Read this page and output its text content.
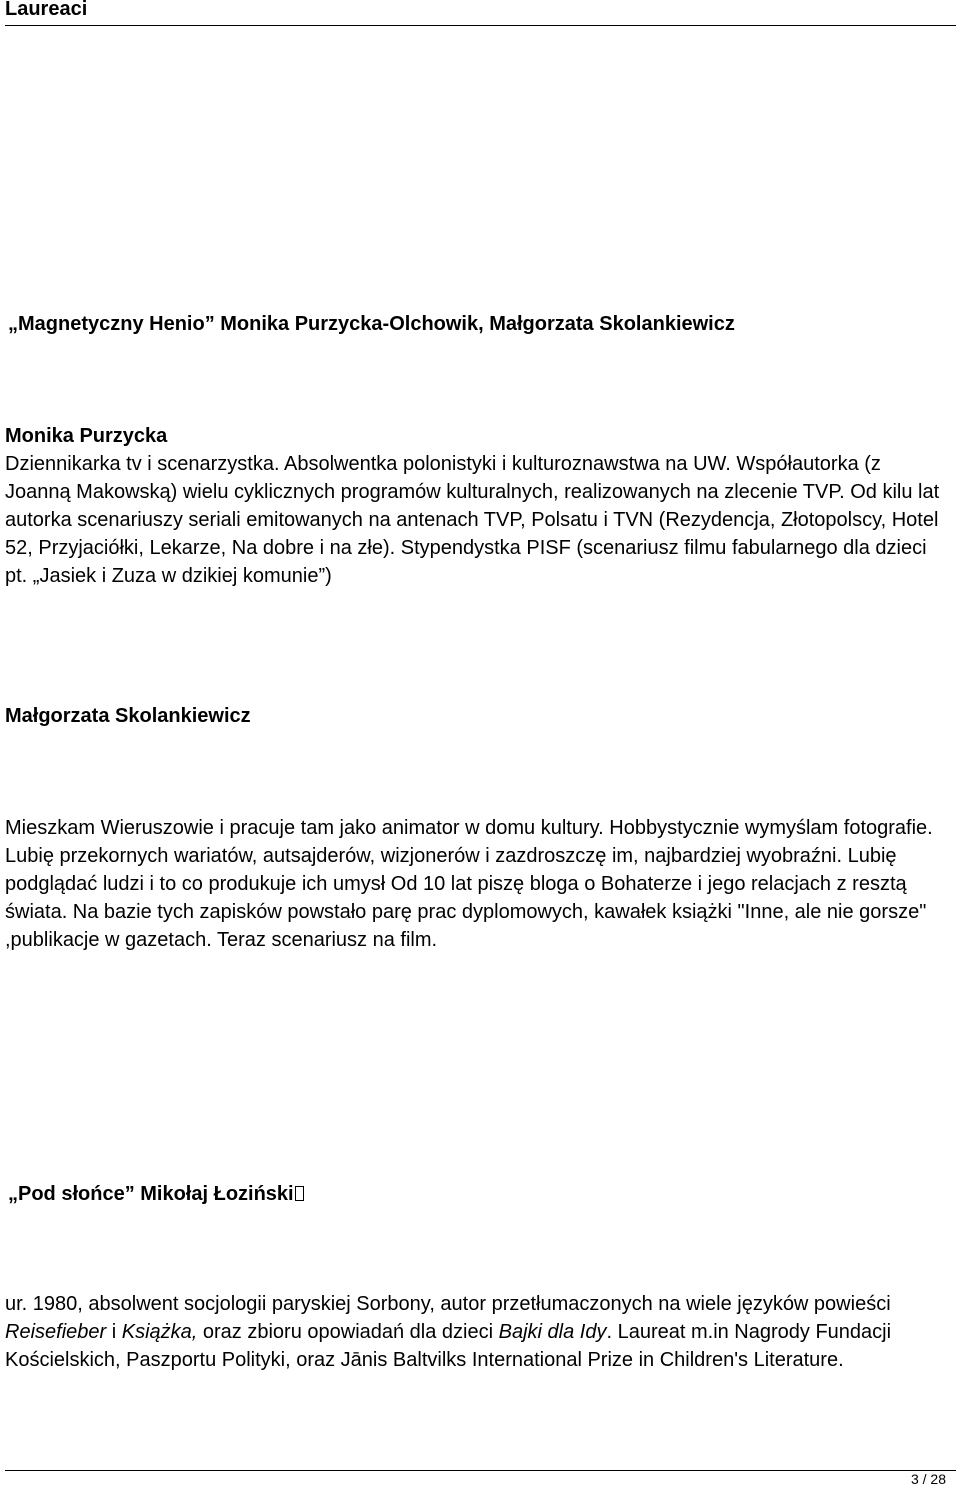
Laureaci
„Magnetyczny Henio” Monika Purzycka-Olchowik, Małgorzata Skolankiewicz

Monika Purzycka

Dziennikarka tv i scenarzystka. Absolwentka polonistyki i kulturoznawstwa na UW. Współautorka (z Joanną Makowską) wielu cyklicznych programów kulturalnych, realizowanych na zlecenie TVP. Od kilu lat autorka scenariuszy seriali emitowanych na antenach TVP, Polsatu i TVN (Rezydencja, Złotopolscy, Hotel 52, Przyjaciółki, Lekarze, Na dobre i na złe). Stypendystka PISF (scenariusz filmu fabularnego dla dzieci pt. „Jasiek i Zuza w dzikiej komunie”)

Małgorzata Skolankiewicz
Mieszkam Wieruszowie i pracuje tam jako animator w domu kultury. Hobbystycznie wymyślam fotografie. Lubię przekornych wariatów, autsajderów, wizjonerów i zazdroszczę im, najbardziej wyobraźni. Lubię podglądać ludzi i to co produkuje ich umysł Od 10 lat piszę bloga o Bohaterze i jego relacjach z resztą świata. Na bazie tych zapisków powstało parę prac dyplomowych, kawałek książki "Inne, ale nie gorsze" ,publikacje w gazetach. Teraz scenariusz na film.
„Pod słońce” Mikołaj Łoziński
ur. 1980, absolwent socjologii paryskiej Sorbony, autor przetłumaczonych na wiele języków powieści Reisefieber i Książka, oraz zbioru opowiadań dla dzieci Bajki dla Idy. Laureat m.in Nagrody Fundacji Kościelskich, Paszportu Polityki, oraz Jānis Baltvilks International Prize in Children's Literature.
3 / 28
